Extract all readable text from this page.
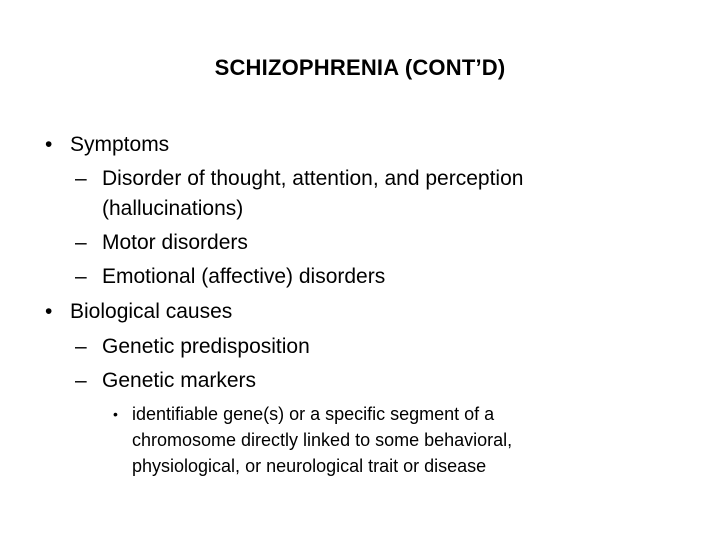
SCHIZOPHRENIA (CONT’D)
• Symptoms
– Disorder of thought, attention, and perception
(hallucinations)
– Motor disorders
– Emotional (affective) disorders
• Biological causes
– Genetic predisposition
– Genetic markers
• identifiable gene(s) or a specific segment of a
chromosome directly linked to some behavioral,
physiological, or neurological trait or disease
